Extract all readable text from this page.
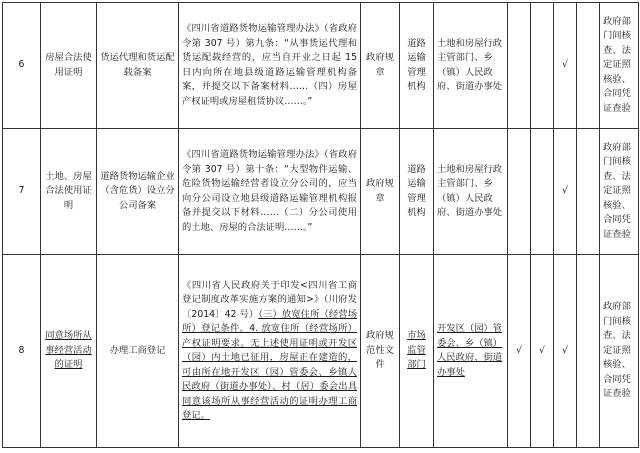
6	房屋合法使用证明	货运代理和货运配载备案	《四川省道路货物运输管理办法》（省政府令第 307 号）第九条：“从事货运代理和货运配载经营的，应当自开业之日起 15 日内向所在地县级道路运输管理机构备案，并提交以下备案材料……（四）房屋产权证明或房屋租赁协议……。”	政府规章	道路运输管理机构	土地和房屋行政主管部门、乡（镇）人民政府、街道办事处			√		政府部门间核查、法定证照核验、合同凭证查验
7	土地、房屋合法使用证明	道路货物运输企业（含危货）设立分公司备案	《四川省道路货物运输管理办法》（省政府令第 307 号）第十条：“大型物件运输、危险货物运输经营者设立分公司的，应当向分公司设立地县级道路运输管理机构报备并提交以下材料……（二）分公司使用的土地、房屋的合法证明……。”	政府规章	道路运输管理机构	土地和房屋行政主管部门、乡（镇）人民政府、街道办事处			√		政府部门间核查、法定证照核验、合同凭证查验
8	同意场所从事经营活动的证明	办理工商登记	《四川省人民政府关于印发<四川省工商登记制度改革实施方案的通知>》（川府发〔2014〕42 号）（三）放宽住所（经营场所）登记条件。4. 放宽住所（经营场所）产权证明要求。无上述使用证明或开发区（园）内土地已征用，房屋正在建造的，可由所在地开发区（园）管委会、乡镇人民政府（街道办事处）、村（居）委会出具同意该场所从事经营活动的证明办理工商登记。	政府规范性文件	市场监管部门	开发区（园）管委会、乡（镇）人民政府、街道办事处	√	√	√		政府部门间核查、法定证照核验、合同凭证查验
